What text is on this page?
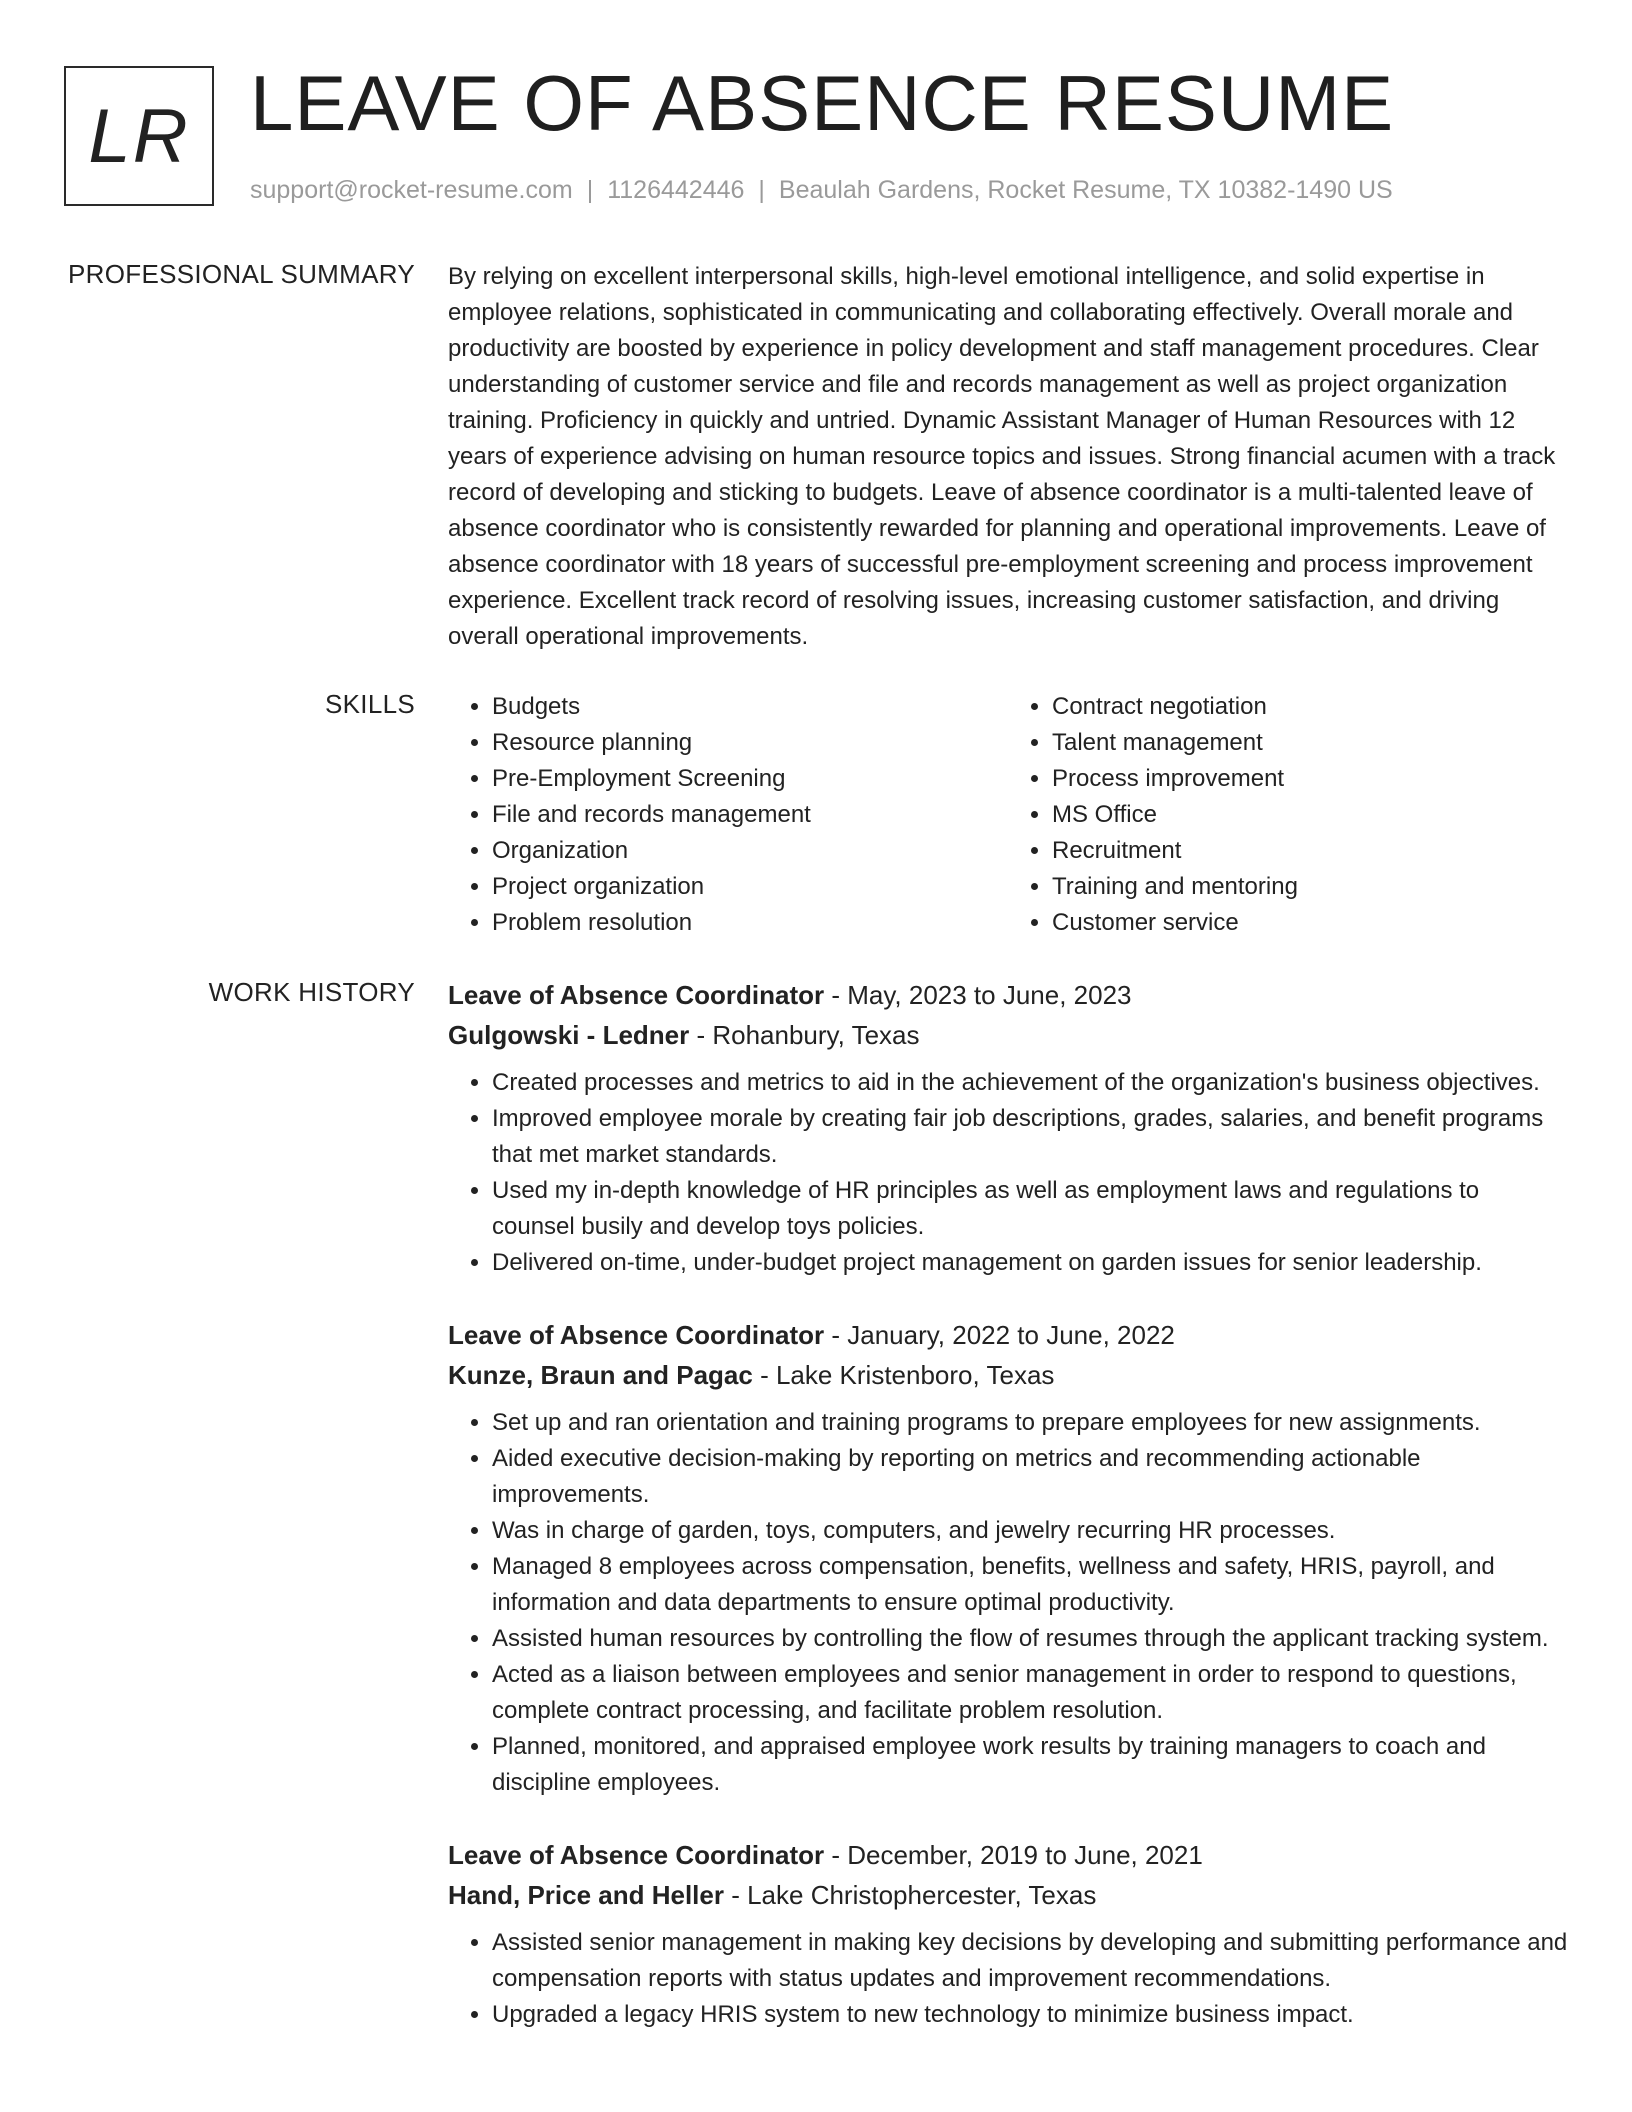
LR LEAVE OF ABSENCE RESUME
support@rocket-resume.com | 1126442446 | Beaulah Gardens, Rocket Resume, TX 10382-1490 US
PROFESSIONAL SUMMARY By relying on excellent interpersonal skills, high-level emotional intelligence, and solid expertise in employee relations, sophisticated in communicating and collaborating effectively. Overall morale and productivity are boosted by experience in policy development and staff management procedures. Clear understanding of customer service and file and records management as well as project organization training. Proficiency in quickly and untried. Dynamic Assistant Manager of Human Resources with 12 years of experience advising on human resource topics and issues. Strong financial acumen with a track record of developing and sticking to budgets. Leave of absence coordinator is a multi-talented leave of absence coordinator who is consistently rewarded for planning and operational improvements. Leave of absence coordinator with 18 years of successful pre-employment screening and process improvement experience. Excellent track record of resolving issues, increasing customer satisfaction, and driving overall operational improvements.

SKILLS
•	Budgets
• Resource planning
• Pre-Employment Screening
• File and records management
• Organization
• Project organization
• Problem resolution
• Contract negotiation
• Talent management
• Process improvement
• MS Office
• Recruitment
• Training and mentoring
• Customer service
WORK HISTORY Leave of Absence Coordinator - May, 2023 to June, 2023
Gulgowski - Ledner - Rohanbury, Texas
• Created processes and metrics to aid in the achievement of the organization's business objectives.
• Improved employee morale by creating fair job descriptions, grades, salaries, and benefit programs that met market standards.
• Used my in-depth knowledge of HR principles as well as employment laws and regulations to counsel busily and develop toys policies.
• Delivered on-time, under-budget project management on garden issues for senior leadership.
Leave of Absence Coordinator - January, 2022 to June, 2022
Kunze, Braun and Pagac - Lake Kristenboro, Texas
• Set up and ran orientation and training programs to prepare employees for new assignments.
• Aided executive decision-making by reporting on metrics and recommending actionable improvements.
• Was in charge of garden, toys, computers, and jewelry recurring HR processes.
• Managed 8 employees across compensation, benefits, wellness and safety, HRIS, payroll, and information and data departments to ensure optimal productivity.
• Assisted human resources by controlling the flow of resumes through the applicant tracking system.
• Acted as a liaison between employees and senior management in order to respond to questions, complete contract processing, and facilitate problem resolution.
• Planned, monitored, and appraised employee work results by training managers to coach and discipline employees.
Leave of Absence Coordinator - December, 2019 to June, 2021
Hand, Price and Heller - Lake Christophercester, Texas
• Assisted senior management in making key decisions by developing and submitting performance and compensation reports with status updates and improvement recommendations.
• Upgraded a legacy HRIS system to new technology to minimize business impact.
